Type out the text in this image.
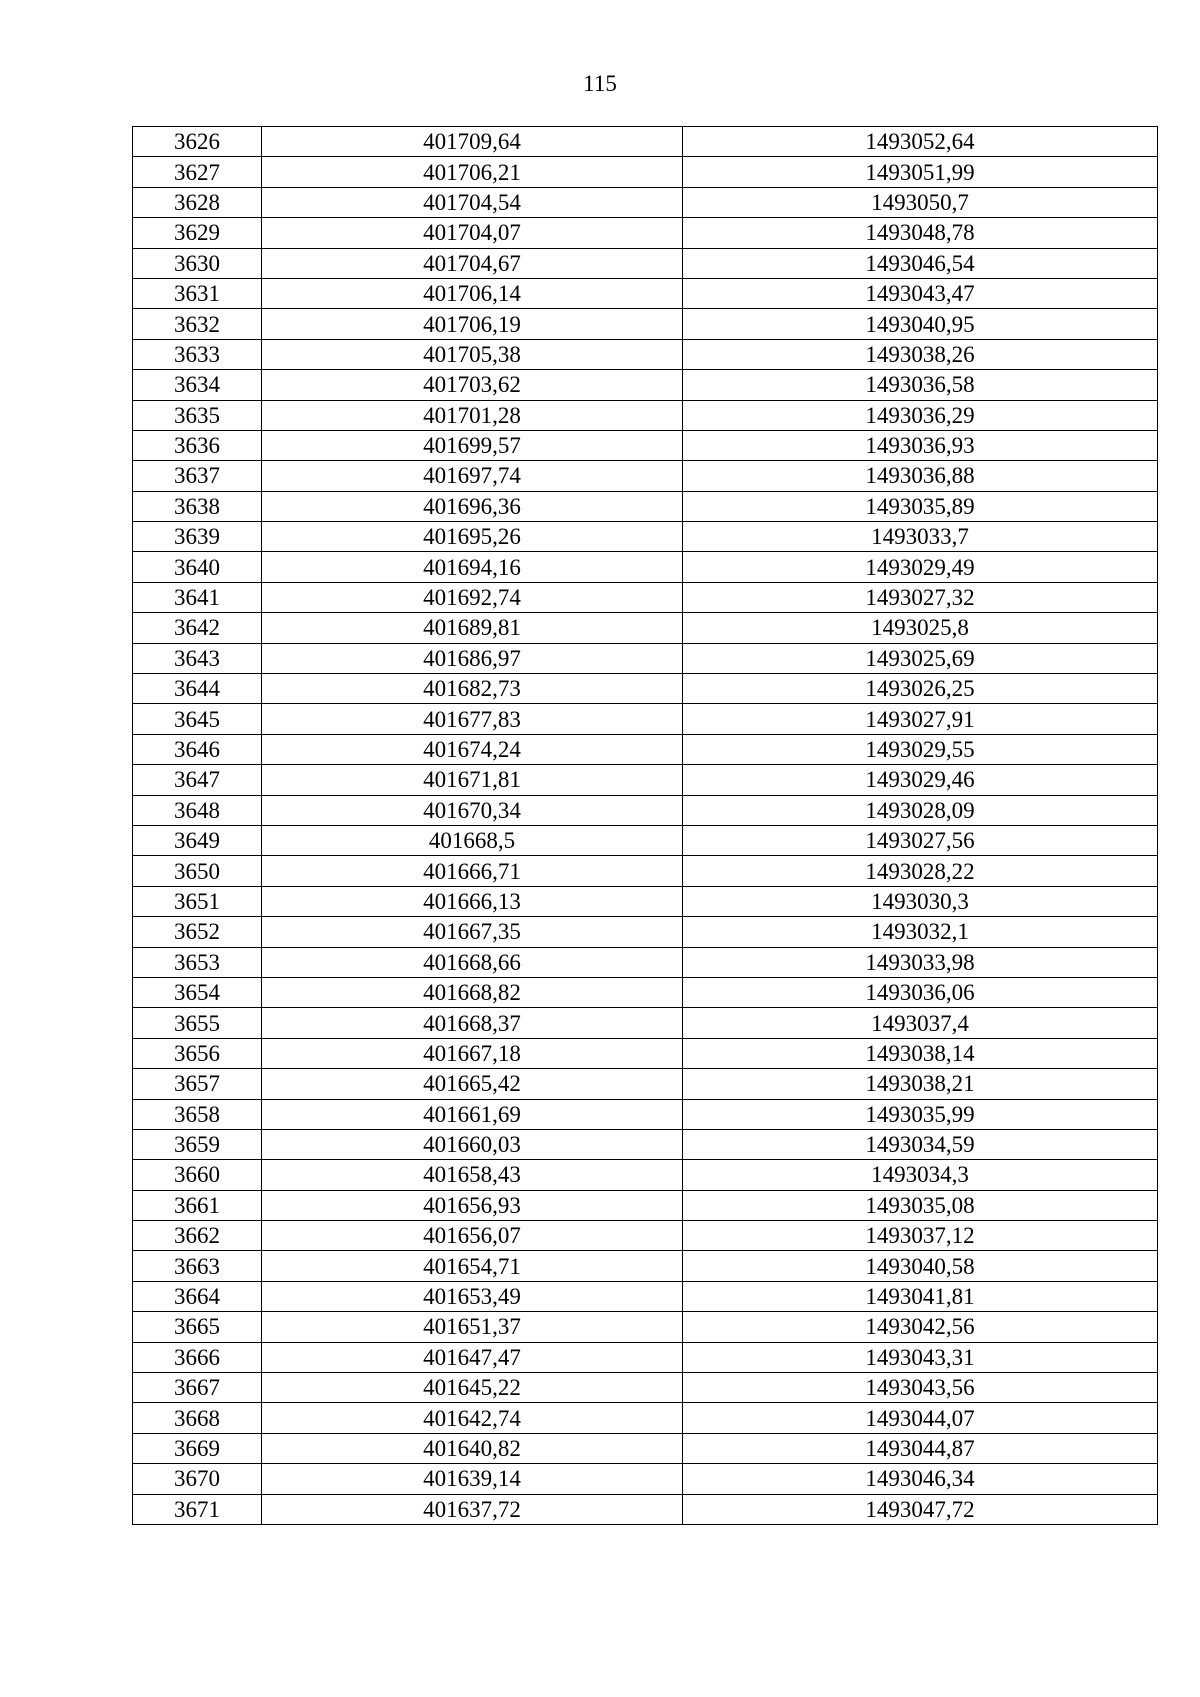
115
3626	401709,64	1493052,64
3627	401706,21	1493051,99
3628	401704,54	1493050,7
3629	401704,07	1493048,78
3630	401704,67	1493046,54
3631	401706,14	1493043,47
3632	401706,19	1493040,95
3633	401705,38	1493038,26
3634	401703,62	1493036,58
3635	401701,28	1493036,29
3636	401699,57	1493036,93
3637	401697,74	1493036,88
3638	401696,36	1493035,89
3639	401695,26	1493033,7
3640	401694,16	1493029,49
3641	401692,74	1493027,32
3642	401689,81	1493025,8
3643	401686,97	1493025,69
3644	401682,73	1493026,25
3645	401677,83	1493027,91
3646	401674,24	1493029,55
3647	401671,81	1493029,46
3648	401670,34	1493028,09
3649	401668,5	1493027,56
3650	401666,71	1493028,22
3651	401666,13	1493030,3
3652	401667,35	1493032,1
3653	401668,66	1493033,98
3654	401668,82	1493036,06
3655	401668,37	1493037,4
3656	401667,18	1493038,14
3657	401665,42	1493038,21
3658	401661,69	1493035,99
3659	401660,03	1493034,59
3660	401658,43	1493034,3
3661	401656,93	1493035,08
3662	401656,07	1493037,12
3663	401654,71	1493040,58
3664	401653,49	1493041,81
3665	401651,37	1493042,56
3666	401647,47	1493043,31
3667	401645,22	1493043,56
3668	401642,74	1493044,07
3669	401640,82	1493044,87
3670	401639,14	1493046,34
3671	401637,72	1493047,72
